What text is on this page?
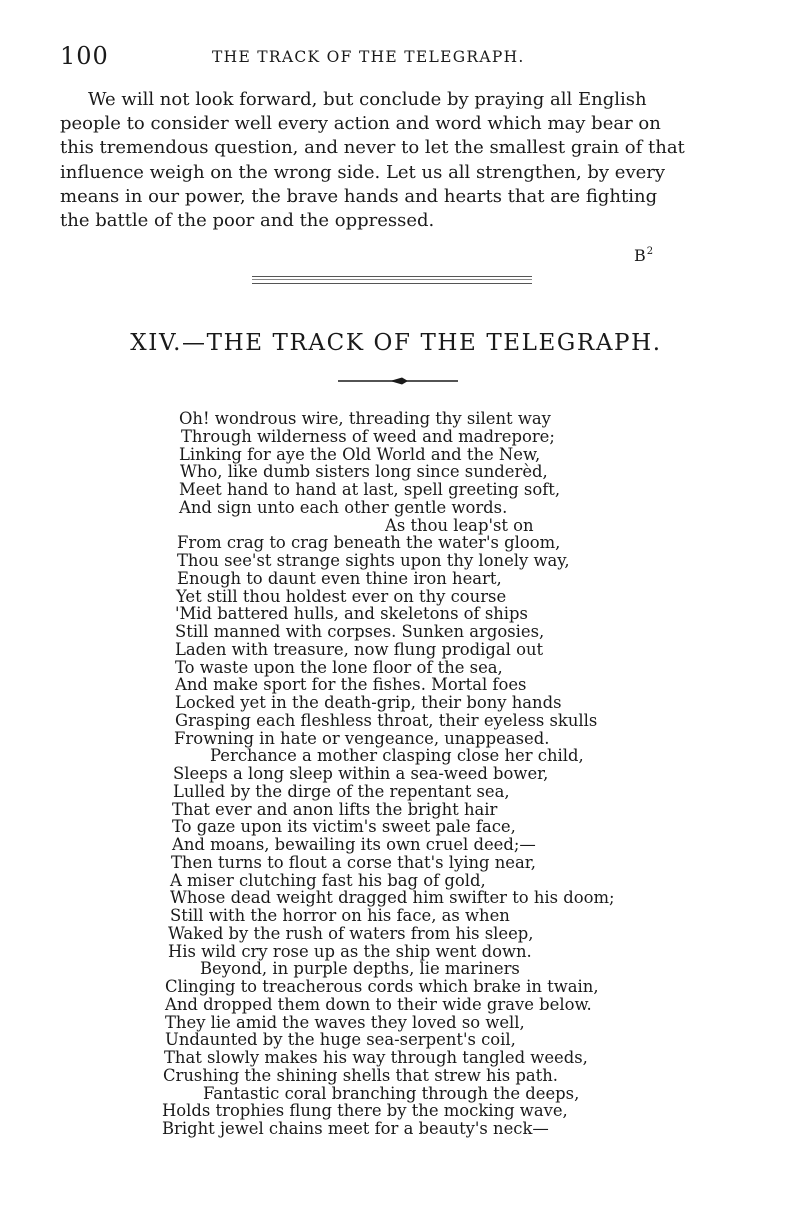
100	THE TRACK OF THE TELEGRAPH.
We will not look forward, but conclude by praying all English
people to consider well every action and word which may bear on
this tremendous question, and never to let the smallest grain of that
influence weigh on the wrong side. Let us all strengthen, by every
means in our power, the brave hands and hearts that are fighting
the battle of the poor and the oppressed.
$B^2$
XIV.—THE TRACK OF THE TELEGRAPH.
Oh! wondrous wire, threading thy silent way
Through wilderness of weed and madrepore;
Linking for aye the Old World and the New,
Who, like dumb sisters long since sunderèd,
Meet hand to hand at last, spell greeting soft,
And sign unto each other gentle words.
As thou leap'st on
From crag to crag beneath the water's gloom,
Thou see'st strange sights upon thy lonely way,
Enough to daunt even thine iron heart,
Yet still thou holdest ever on thy course
'Mid battered hulls, and skeletons of ships
Still manned with corpses. Sunken argosies,
Laden with treasure, now flung prodigal out
To waste upon the lone floor of the sea,
And make sport for the fishes. Mortal foes
Locked yet in the death-grip, their bony hands
Grasping each fleshless throat, their eyeless skulls
Frowning in hate or vengeance, unappeased.
Perchance a mother clasping close her child,
Sleeps a long sleep within a sea-weed bower,
Lulled by the dirge of the repentant sea,
That ever and anon lifts the bright hair
To gaze upon its victim's sweet pale face,
And moans, bewailing its own cruel deed;—
Then turns to flout a corse that's lying near,
A miser clutching fast his bag of gold,
Whose dead weight dragged him swifter to his doom;
Still with the horror on his face, as when
Waked by the rush of waters from his sleep,
His wild cry rose up as the ship went down.
Beyond, in purple depths, lie mariners
Clinging to treacherous cords which brake in twain,
And dropped them down to their wide grave below.
They lie amid the waves they loved so well,
Undaunted by the huge sea-serpent's coil,
That slowly makes his way through tangled weeds,
Crushing the shining shells that strew his path.
Fantastic coral branching through the deeps,
Holds trophies flung there by the mocking wave,
Bright jewel chains meet for a beauty's neck—
